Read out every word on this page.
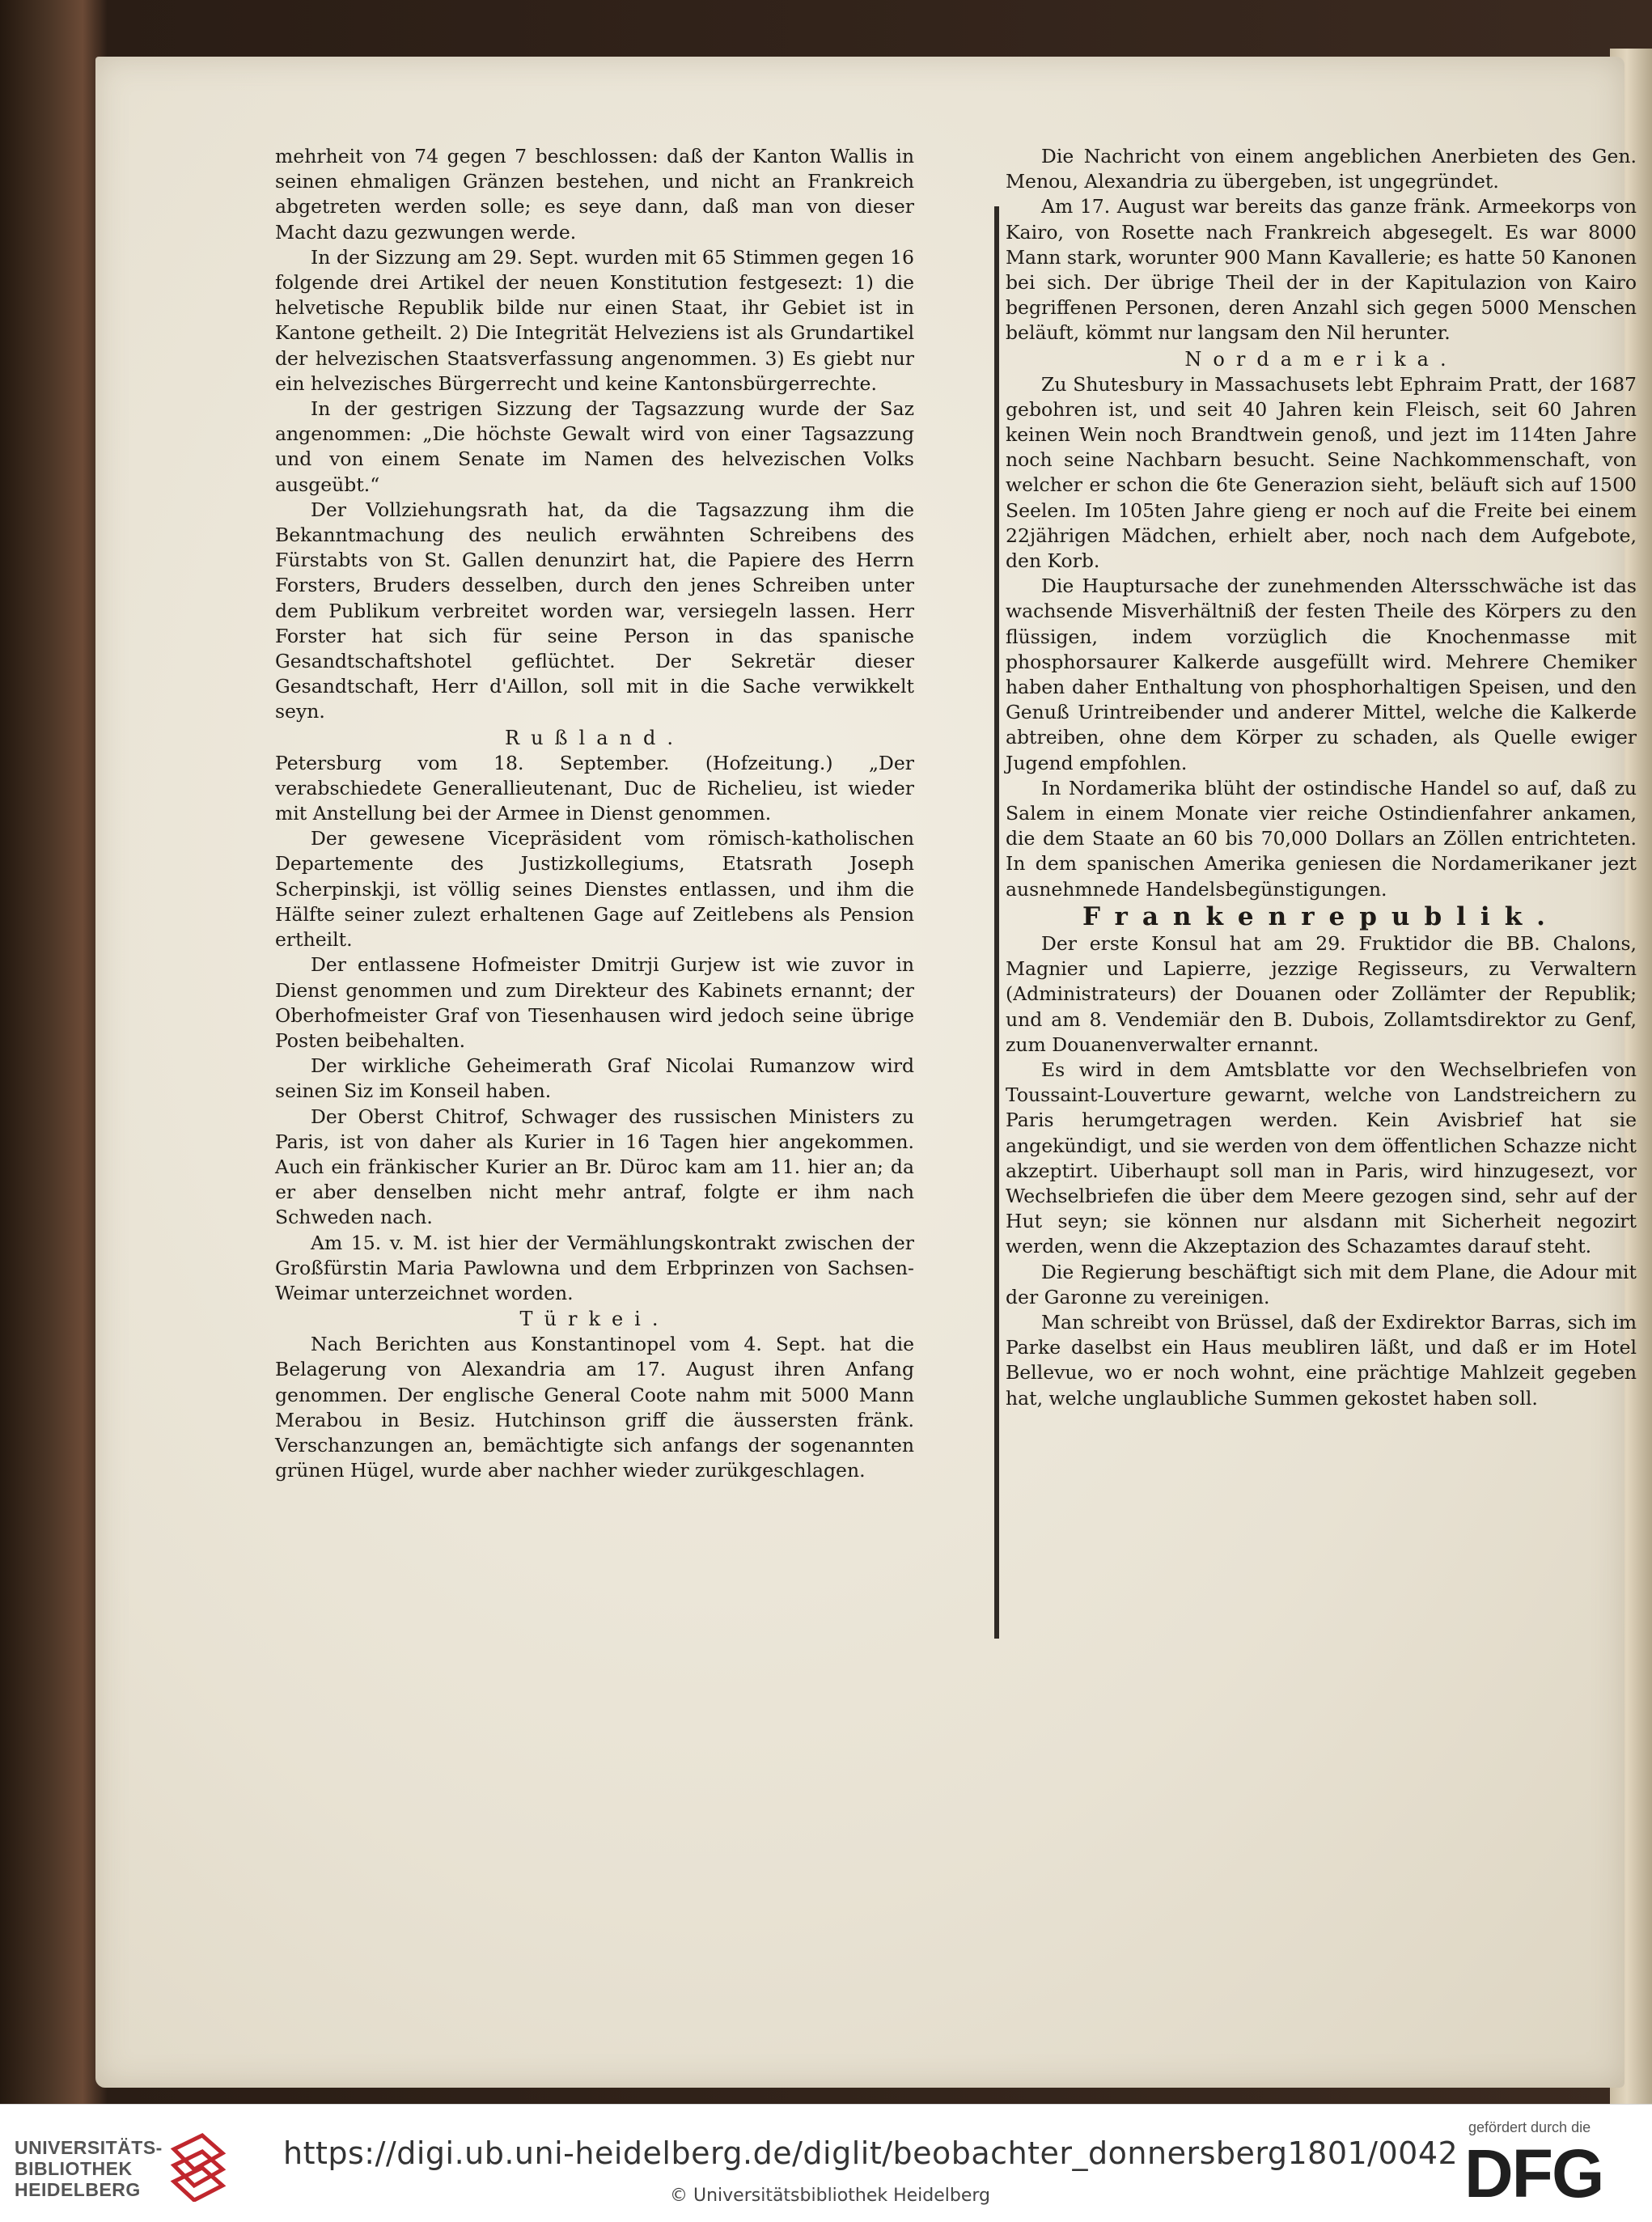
mehrheit von 74 gegen 7 beschlossen: daß der Kanton Wallis in seinen ehmaligen Gränzen bestehen, und nicht an Frankreich abgetreten werden solle; es seye dann, daß man von dieser Macht dazu gezwungen werde.

In der Sizzung am 29. Sept. wurden mit 65 Stimmen gegen 16 folgende drei Artikel der neuen Konstitution festgesezt: 1) die helvetische Republik bilde nur einen Staat, ihr Gebiet ist in Kantone getheilt. 2) Die Integrität Helveziens ist als Grundartikel der helvezischen Staatsverfassung angenommen. 3) Es giebt nur ein helvezisches Bürgerrecht und keine Kantonsbürgerrechte.

In der gestrigen Sizzung der Tagsazzung wurde der Saz angenommen: „Die höchste Gewalt wird von einer Tagsazzung und von einem Senate im Namen des helvezischen Volks ausgeübt.“

Der Vollziehungsrath hat, da die Tagsazzung ihm die Bekanntmachung des neulich erwähnten Schreibens des Fürstabts von St. Gallen denunzirt hat, die Papiere des Herrn Forsters, Bruders desselben, durch den jenes Schreiben unter dem Publikum verbreitet worden war, versiegeln lassen. Herr Forster hat sich für seine Person in das spanische Gesandtschaftshotel geflüchtet. Der Sekretär dieser Gesandtschaft, Herr d'Aillon, soll mit in die Sache verwikkelt seyn.

Rußland.

Petersburg vom 18. September. (Hofzeitung.) „Der verabschiedete Generallieutenant, Duc de Richelieu, ist wieder mit Anstellung bei der Armee in Dienst genommen.

Der gewesene Vicepräsident vom römisch-katholischen Departemente des Justizkollegiums, Etatsrath Joseph Scherpinskji, ist völlig seines Dienstes entlassen, und ihm die Hälfte seiner zulezt erhaltenen Gage auf Zeitlebens als Pension ertheilt.

Der entlassene Hofmeister Dmitrji Gurjew ist wie zuvor in Dienst genommen und zum Direkteur des Kabinets ernannt; der Oberhofmeister Graf von Tiesenhausen wird jedoch seine übrige Posten beibehalten.

Der wirkliche Geheimerath Graf Nicolai Rumanzow wird seinen Siz im Konseil haben.

Der Oberst Chitrof, Schwager des russischen Ministers zu Paris, ist von daher als Kurier in 16 Tagen hier angekommen. Auch ein fränkischer Kurier an Br. Düroc kam am 11. hier an; da er aber denselben nicht mehr antraf, folgte er ihm nach Schweden nach.

Am 15. v. M. ist hier der Vermählungskontrakt zwischen der Großfürstin Maria Pawlowna und dem Erbprinzen von Sachsen-Weimar unterzeichnet worden.

Türkei.

Nach Berichten aus Konstantinopel vom 4. Sept. hat die Belagerung von Alexandria am 17. August ihren Anfang genommen. Der englische General Coote nahm mit 5000 Mann Merabou in Besiz. Hutchinson griff die äussersten fränk. Verschanzungen an, bemächtigte sich anfangs der sogenannten grünen Hügel, wurde aber nachher wieder zurükgeschlagen.

Die Nachricht von einem angeblichen Anerbieten des Gen. Menou, Alexandria zu übergeben, ist ungegründet.

Am 17. August war bereits das ganze fränk. Armeekorps von Kairo, von Rosette nach Frankreich abgesegelt. Es war 8000 Mann stark, worunter 900 Mann Kavallerie; es hatte 50 Kanonen bei sich. Der übrige Theil der in der Kapitulazion von Kairo begriffenen Personen, deren Anzahl sich gegen 5000 Menschen beläuft, kömmt nur langsam den Nil herunter.

Nordamerika.

Zu Shutesbury in Massachusets lebt Ephraim Pratt, der 1687 gebohren ist, und seit 40 Jahren kein Fleisch, seit 60 Jahren keinen Wein noch Brandtwein genoß, und jezt im 114ten Jahre noch seine Nachbarn besucht. Seine Nachkommenschaft, von welcher er schon die 6te Generazion sieht, beläuft sich auf 1500 Seelen. Im 105ten Jahre gieng er noch auf die Freite bei einem 22jährigen Mädchen, erhielt aber, noch nach dem Aufgebote, den Korb.

Die Hauptursache der zunehmenden Altersschwäche ist das wachsende Misverhältniß der festen Theile des Körpers zu den flüssigen, indem vorzüglich die Knochenmasse mit phosphorsaurer Kalkerde ausgefüllt wird. Mehrere Chemiker haben daher Enthaltung von phosphorhaltigen Speisen, und den Genuß Urintreibender und anderer Mittel, welche die Kalkerde abtreiben, ohne dem Körper zu schaden, als Quelle ewiger Jugend empfohlen.

In Nordamerika blüht der ostindische Handel so auf, daß zu Salem in einem Monate vier reiche Ostindienfahrer ankamen, die dem Staate an 60 bis 70,000 Dollars an Zöllen entrichteten. In dem spanischen Amerika geniesen die Nordamerikaner jezt ausnehmnede Handelsbegünstigungen.

Frankenrepublik.

Der erste Konsul hat am 29. Fruktidor die BB. Chalons, Magnier und Lapierre, jezzige Regisseurs, zu Verwaltern (Administrateurs) der Douanen oder Zollämter der Republik; und am 8. Vendemiär den B. Dubois, Zollamtsdirektor zu Genf, zum Douanenverwalter ernannt.

Es wird in dem Amtsblatte vor den Wechselbriefen von Toussaint-Louverture gewarnt, welche von Landstreichern zu Paris herumgetragen werden. Kein Avisbrief hat sie angekündigt, und sie werden von dem öffentlichen Schazze nicht akzeptirt. Uiberhaupt soll man in Paris, wird hinzugesezt, vor Wechselbriefen die über dem Meere gezogen sind, sehr auf der Hut seyn; sie können nur alsdann mit Sicherheit negozirt werden, wenn die Akzeptazion des Schazamtes darauf steht.

Die Regierung beschäftigt sich mit dem Plane, die Adour mit der Garonne zu vereinigen.

Man schreibt von Brüssel, daß der Exdirektor Barras, sich im Parke daselbst ein Haus meubliren läßt, und daß er im Hotel Bellevue, wo er noch wohnt, eine prächtige Mahlzeit gegeben hat, welche unglaubliche Summen gekostet haben soll.

UNIVERSITÄTS-
BIBLIOTHEK
HEIDELBERG
https://digi.ub.uni-heidelberg.de/diglit/beobachter_donnersberg1801/0042
© Universitätsbibliothek Heidelberg
gefördert durch die
DFG
